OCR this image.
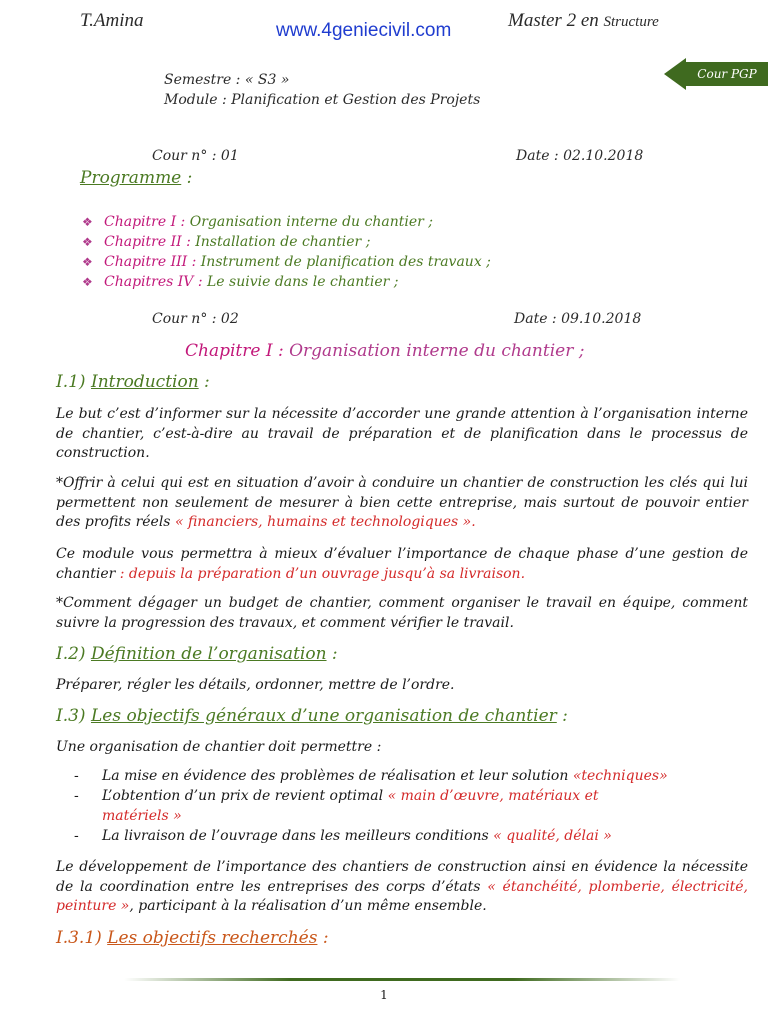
T.Amina	www.4geniecivil.com	Master 2 en Structure
Cour PGP
Semestre : « S3 »
Module : Planification et Gestion des Projets
Cour n° : 01	Date : 02.10.2018
Programme :
❖ Chapitre I : Organisation interne du chantier ;
❖ Chapitre II : Installation de chantier ;
❖ Chapitre III : Instrument de planification des travaux ;
❖ Chapitres IV : Le suivie dans le chantier ;
Cour n° : 02	Date : 09.10.2018
Chapitre I : Organisation interne du chantier ;
I.1) Introduction :
Le but c’est d’informer sur la nécessite d’accorder une grande attention à l’organisation interne de chantier, c’est-à-dire au travail de préparation et de planification dans le processus de construction.
*Offrir à celui qui est en situation d’avoir à conduire un chantier de construction les clés qui lui permettent non seulement de mesurer à bien cette entreprise, mais surtout de pouvoir entier des profits réels « financiers, humains et technologiques ».
Ce module vous permettra à mieux d’évaluer l’importance de chaque phase d’une gestion de chantier : depuis la préparation d’un ouvrage jusqu’à sa livraison.
*Comment dégager un budget de chantier, comment organiser le travail en équipe, comment suivre la progression des travaux, et comment vérifier le travail.
I.2) Définition de l’organisation :
Préparer, régler les détails, ordonner, mettre de l’ordre.
I.3) Les objectifs généraux d’une organisation de chantier :
Une organisation de chantier doit permettre :
- La mise en évidence des problèmes de réalisation et leur solution «techniques»
- L’obtention d’un prix de revient optimal « main d’œuvre, matériaux et
matériels »
- La livraison de l’ouvrage dans les meilleurs conditions « qualité, délai »
Le développement de l’importance des chantiers de construction ainsi en évidence la nécessite de la coordination entre les entreprises des corps d’états « étanchéité, plomberie, électricité, peinture », participant à la réalisation d’un même ensemble.
I.3.1) Les objectifs recherchés :
1
